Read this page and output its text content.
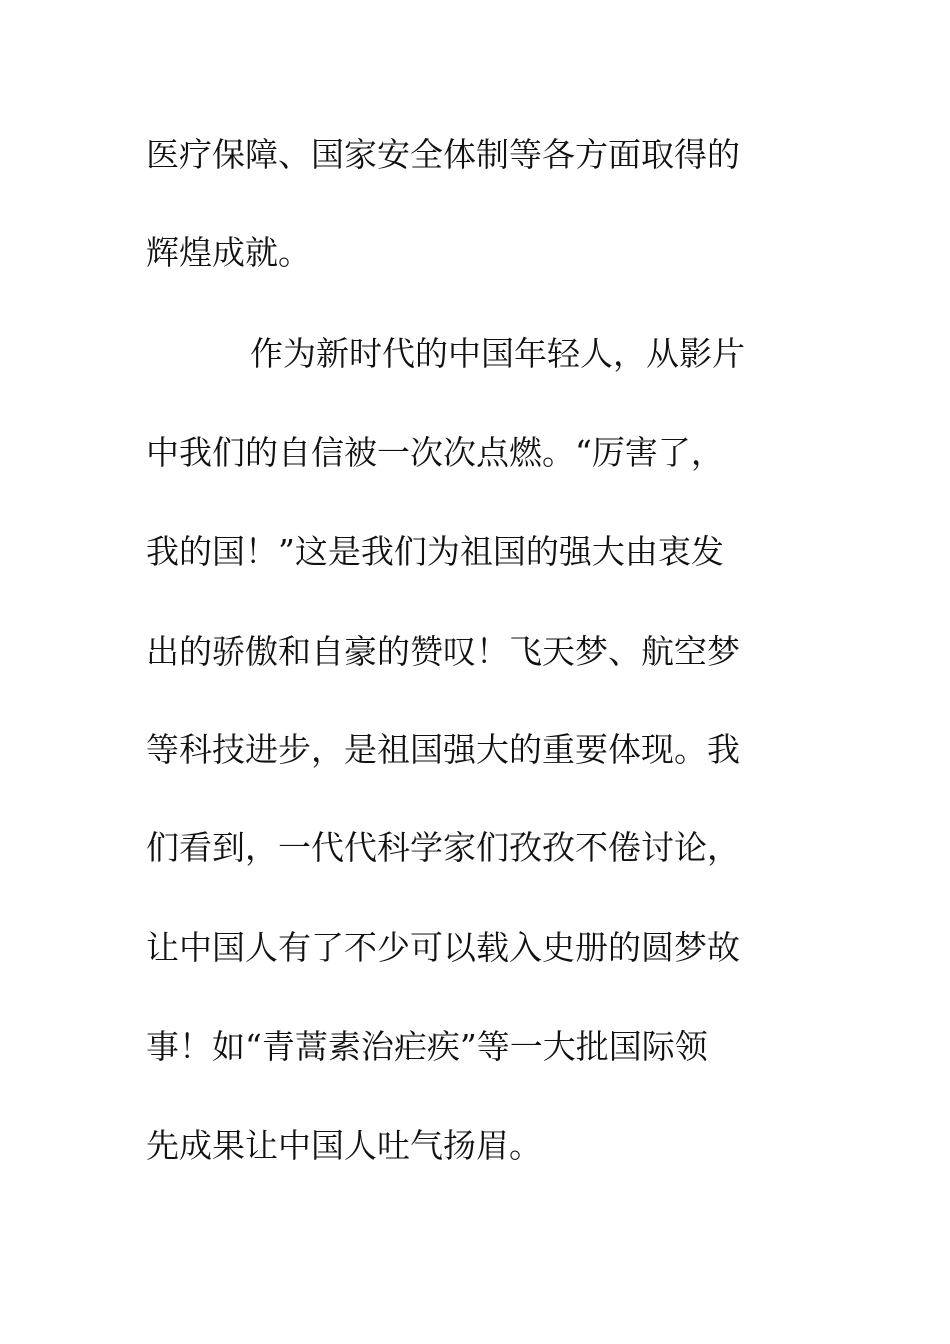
医疗保障、国家安全体制等各方面取得的
辉煌成就。
作为新时代的中国年轻人，从影片
中我们的自信被一次次点燃。“厉害了，
我的国！”这是我们为祖国的强大由衷发
出的骄傲和自豪的赞叹！飞天梦、航空梦
等科技进步，是祖国强大的重要体现。我
们看到，一代代科学家们孜孜不倦讨论，
让中国人有了不少可以载入史册的圆梦故
事！如“青蒿素治疟疾”等一大批国际领
先成果让中国人吐气扬眉。
